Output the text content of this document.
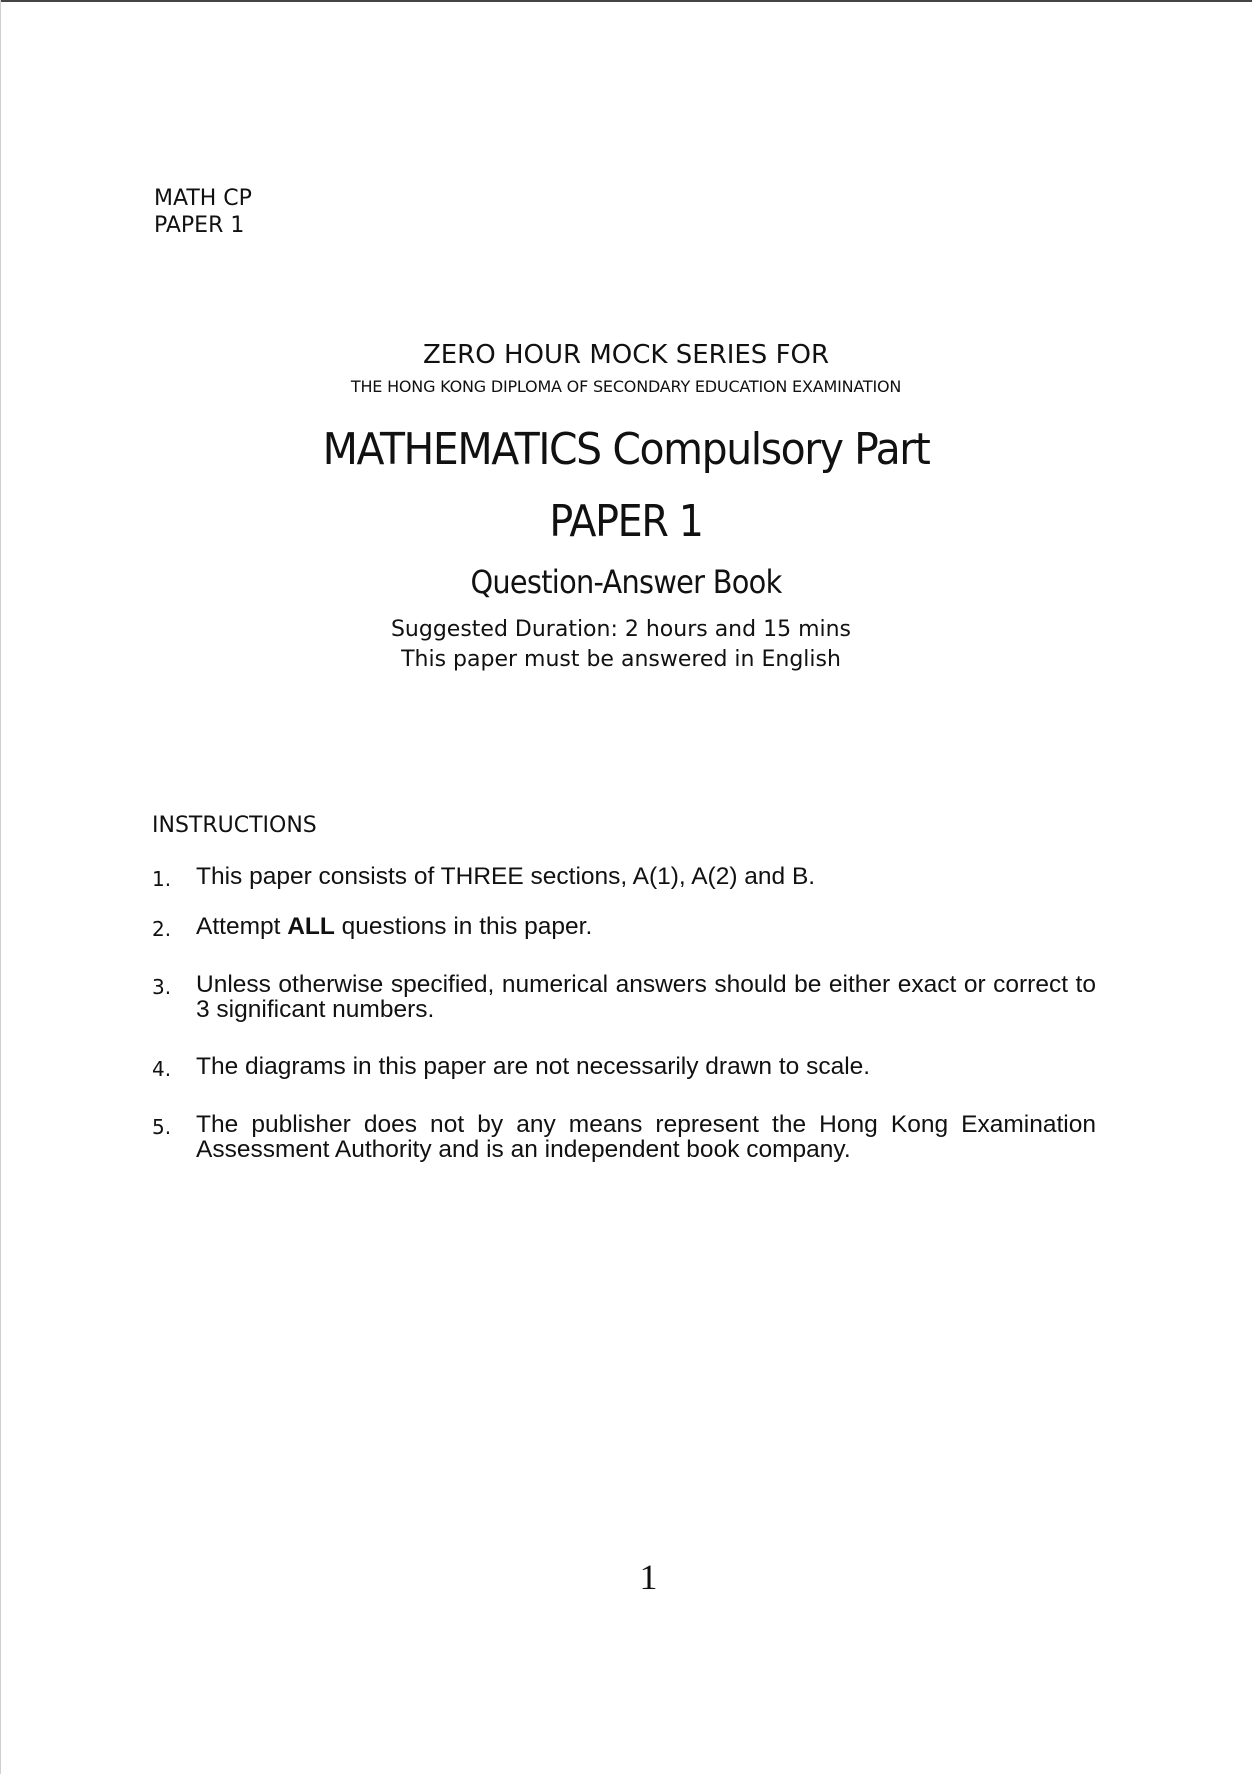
MATH CP
PAPER 1
ZERO HOUR MOCK SERIES FOR
THE HONG KONG DIPLOMA OF SECONDARY EDUCATION EXAMINATION
MATHEMATICS Compulsory Part
PAPER 1
Question-Answer Book
Suggested Duration: 2 hours and 15 mins
This paper must be answered in English
INSTRUCTIONS
1. This paper consists of THREE sections, A(1), A(2) and B.
2. Attempt ALL questions in this paper.
3. Unless otherwise specified, numerical answers should be either exact or correct to 3 significant numbers.
4. The diagrams in this paper are not necessarily drawn to scale.
5. The publisher does not by any means represent the Hong Kong Examination Assessment Authority and is an independent book company.
1
